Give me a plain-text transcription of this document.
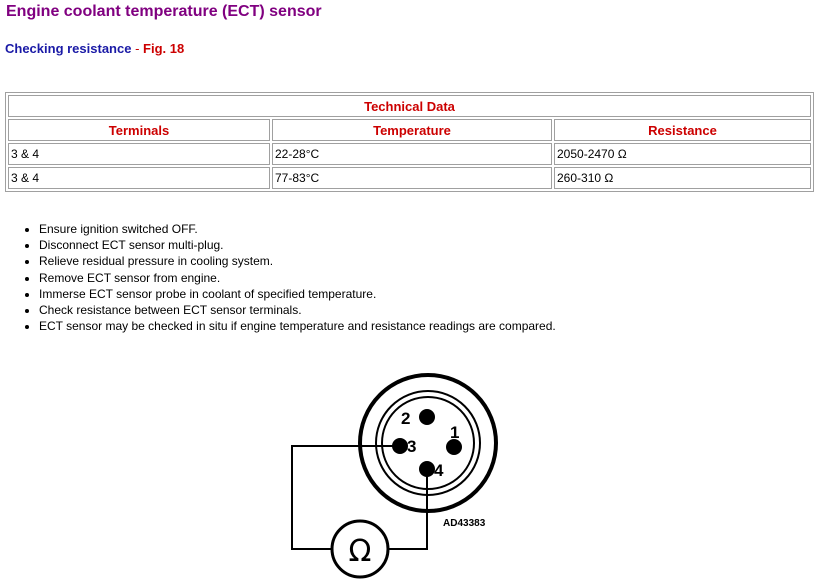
Engine coolant temperature (ECT) sensor
Checking resistance - Fig. 18
Technical Data		
Terminals	Temperature	Resistance
3 & 4	22-28°C	2050-2470 Ω
3 & 4	77-83°C	260-310 Ω
• Ensure ignition switched OFF.
• Disconnect ECT sensor multi-plug.
• Relieve residual pressure in cooling system.
• Remove ECT sensor from engine.
• Immerse ECT sensor probe in coolant of specified temperature.
• Check resistance between ECT sensor terminals.
• ECT sensor may be checked in situ if engine temperature and resistance readings are compared.
2
1
3
4
Ω
AD43383
